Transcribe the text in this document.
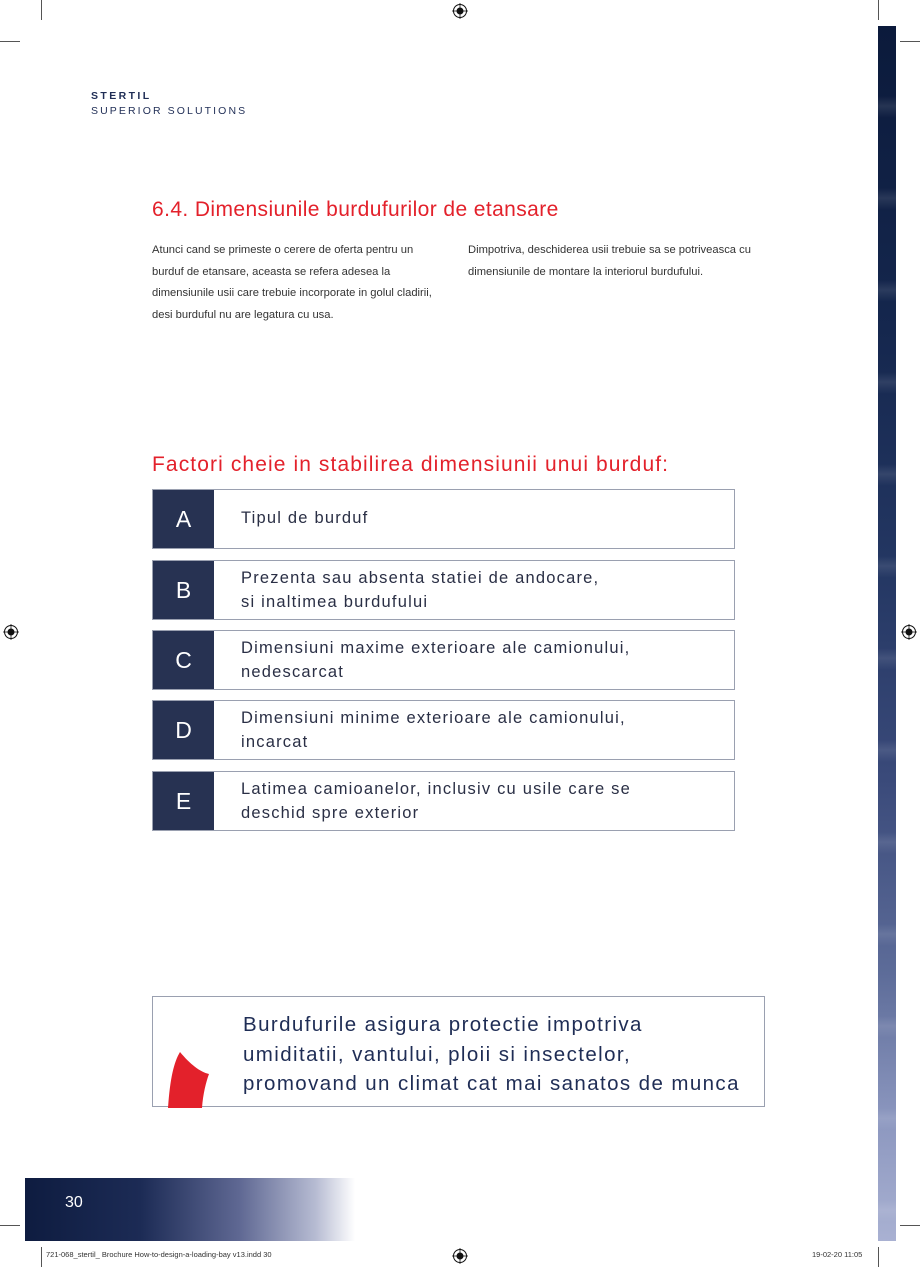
STERTIL
SUPERIOR SOLUTIONS
6.4. Dimensiunile burdufurilor de etansare
Atunci cand se primeste o cerere de oferta pentru un burduf de etansare, aceasta se refera adesea la dimensiunile usii care trebuie incorporate in golul cladirii, desi burduful nu are legatura cu usa.
Dimpotriva, deschiderea usii trebuie sa se potriveasca cu dimensiunile de montare la interiorul burdufului.
Factori cheie in stabilirea dimensiunii unui burduf:
A	Tipul de burduf
B	Prezenta sau absenta statiei de andocare,
si inaltimea burdufului
C	Dimensiuni maxime exterioare ale camionului,
nedescarcat
D	Dimensiuni minime exterioare ale camionului,
incarcat
E	Latimea camioanelor, inclusiv cu usile care se
deschid spre exterior
Burdufurile asigura protectie impotriva
umiditatii, vantului, ploii si insectelor,
promovand un climat cat mai sanatos de munca
30
721-068_stertil_ Brochure How-to-design-a-loading-bay v13.indd 30	19-02-20 11:05
